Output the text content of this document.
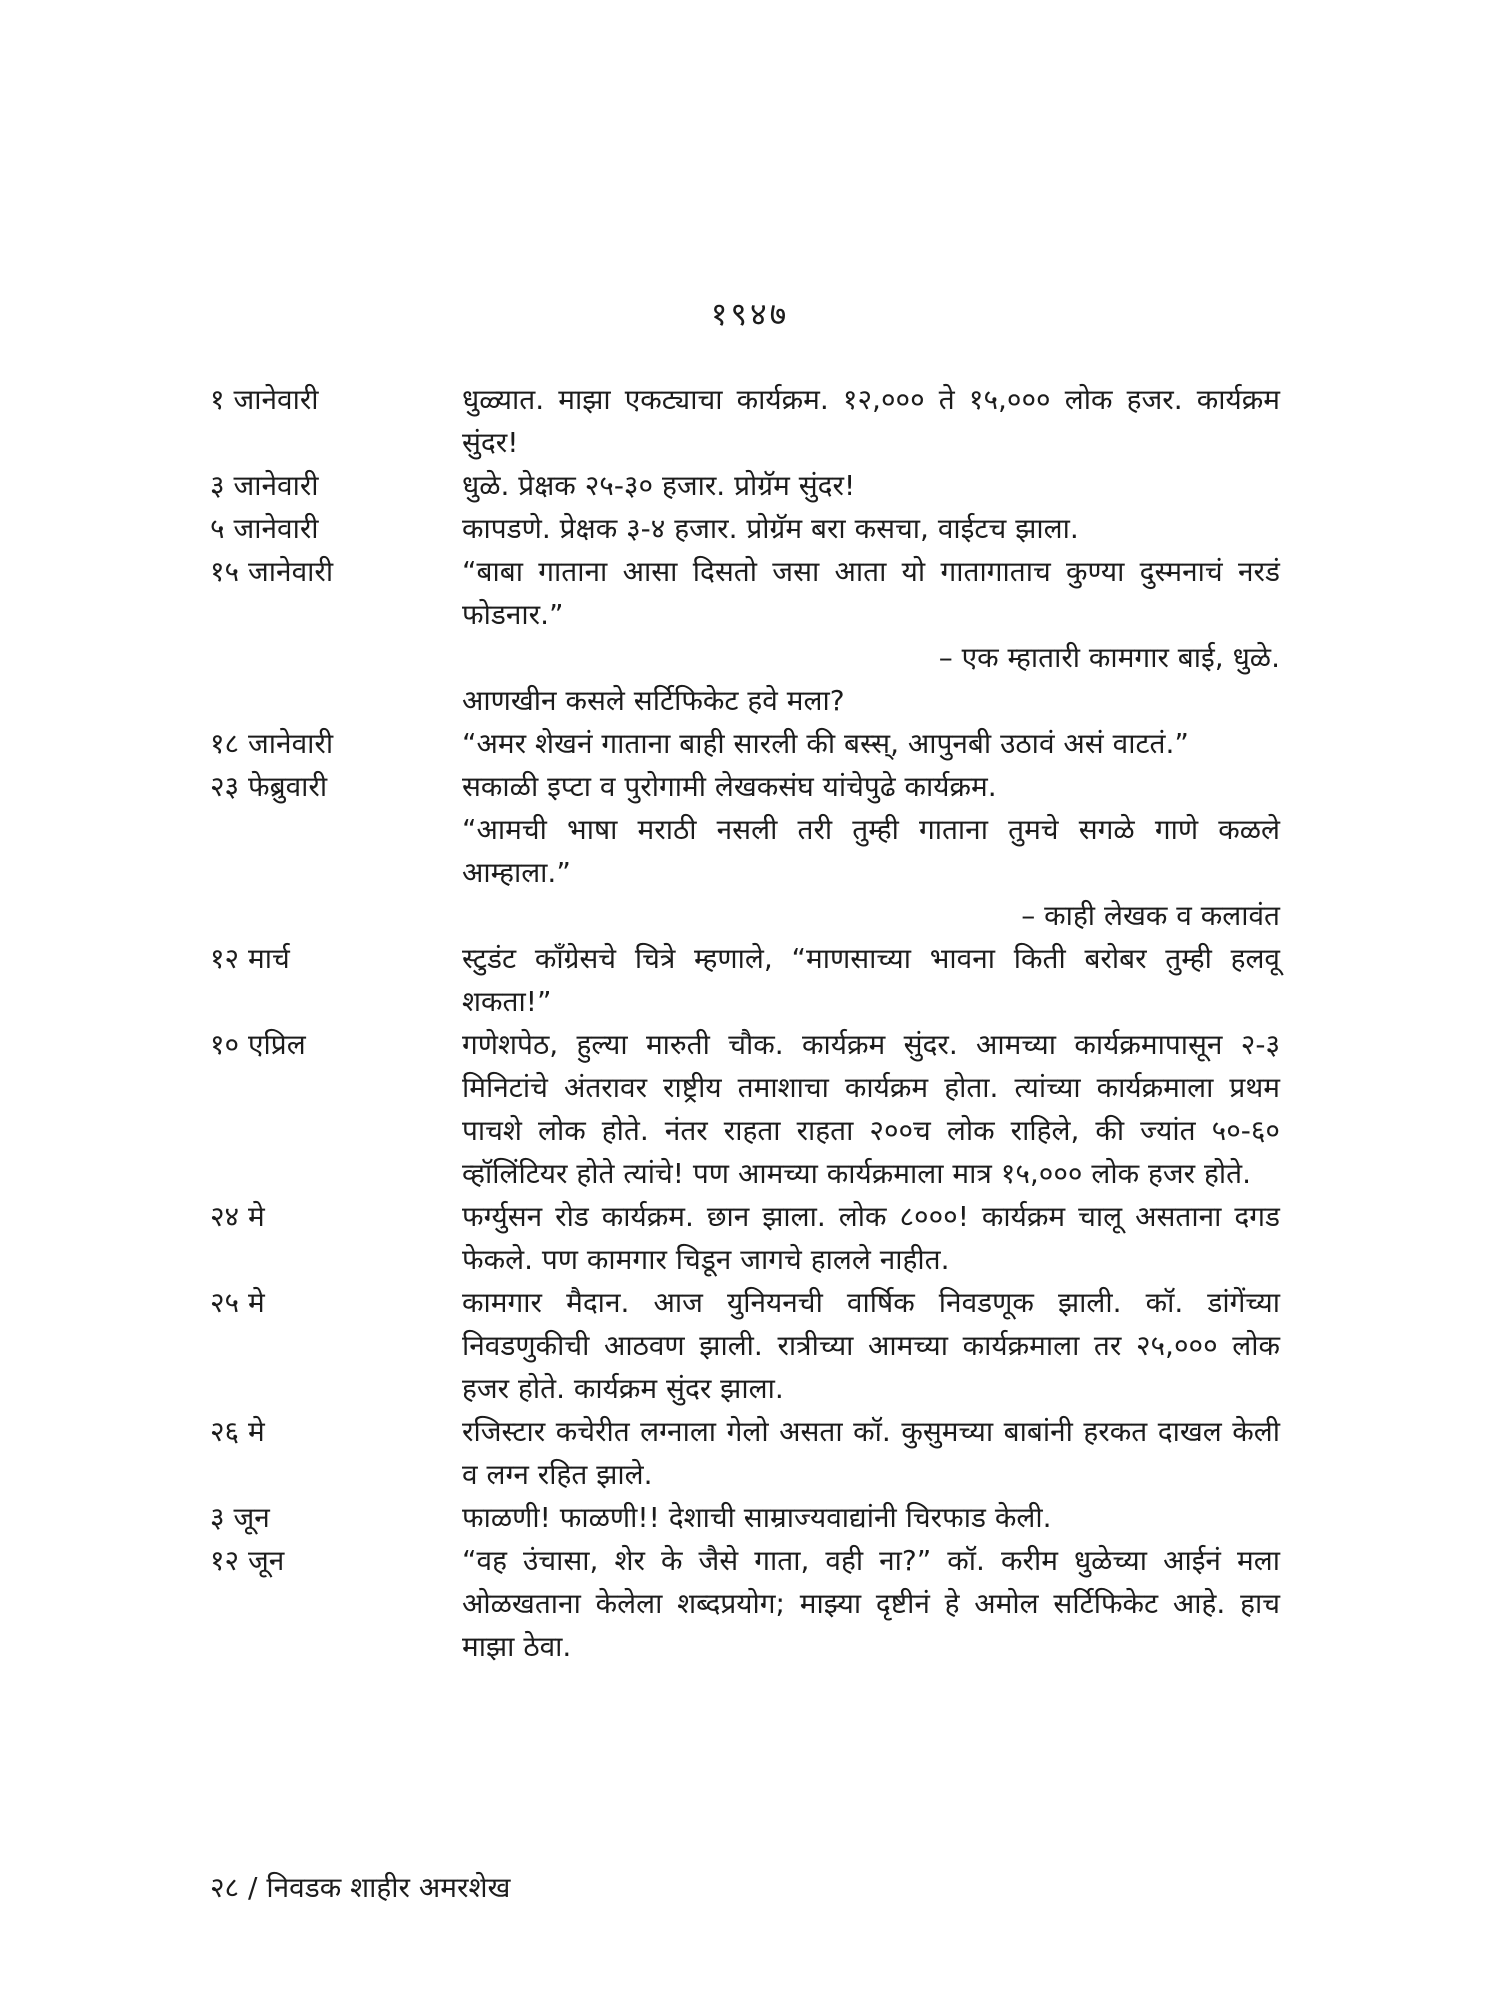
१९४७
१ जानेवारी	धुळ्यात. माझा एकट्याचा कार्यक्रम. १२,००० ते १५,००० लोक हजर. कार्यक्रम सुंदर!

३ जानेवारी	धुळे. प्रेक्षक २५-३० हजार. प्रोग्रॅम सुंदर!

५ जानेवारी	कापडणे. प्रेक्षक ३-४ हजार. प्रोग्रॅम बरा कसचा, वाईटच झाला.

१५ जानेवारी	“बाबा गाताना आसा दिसतो जसा आता यो गातागाताच कुण्या दुस्मनाचं नरडं फोडनार.”

– एक म्हातारी कामगार बाई, धुळे.

आणखीन कसले सर्टिफिकेट हवे मला?

१८ जानेवारी	“अमर शेखनं गाताना बाही सारली की बस्स्, आपुनबी उठावं असं वाटतं.”

२३ फेब्रुवारी	सकाळी इप्टा व पुरोगामी लेखकसंघ यांचेपुढे कार्यक्रम.

“आमची भाषा मराठी नसली तरी तुम्ही गाताना तुमचे सगळे गाणे कळले आम्हाला.”

– काही लेखक व कलावंत

१२ मार्च	स्टुडंट कॉंग्रेसचे चित्रे म्हणाले, “माणसाच्या भावना किती बरोबर तुम्ही हलवू शकता!”

१० एप्रिल	गणेशपेठ, हुल्या मारुती चौक. कार्यक्रम सुंदर. आमच्या कार्यक्रमापासून २-३ मिनिटांचे अंतरावर राष्ट्रीय तमाशाचा कार्यक्रम होता. त्यांच्या कार्यक्रमाला प्रथम पाचशे लोक होते. नंतर राहता राहता २००च लोक राहिले, की ज्यांत ५०-६० व्हॉलिंटियर होते त्यांचे! पण आमच्या कार्यक्रमाला मात्र १५,००० लोक हजर होते.

२४ मे	फर्ग्युसन रोड कार्यक्रम. छान झाला. लोक ८०००! कार्यक्रम चालू असताना दगड फेकले. पण कामगार चिडून जागचे हालले नाहीत.

२५ मे	कामगार मैदान. आज युनियनची वार्षिक निवडणूक झाली. कॉ. डांगेंच्या निवडणुकीची आठवण झाली. रात्रीच्या आमच्या कार्यक्रमाला तर २५,००० लोक हजर होते. कार्यक्रम सुंदर झाला.

२६ मे	रजिस्टार कचेरीत लग्नाला गेलो असता कॉ. कुसुमच्या बाबांनी हरकत दाखल केली व लग्न रहित झाले.

३ जून	फाळणी! फाळणी!! देशाची साम्राज्यवाद्यांनी चिरफाड केली.

१२ जून	“वह उंचासा, शेर के जैसे गाता, वही ना?” कॉ. करीम धुळेच्या आईनं मला ओळखताना केलेला शब्दप्रयोग; माझ्या दृष्टीनं हे अमोल सर्टिफिकेट आहे. हाच माझा ठेवा.

२८ / निवडक शाहीर अमरशेख
